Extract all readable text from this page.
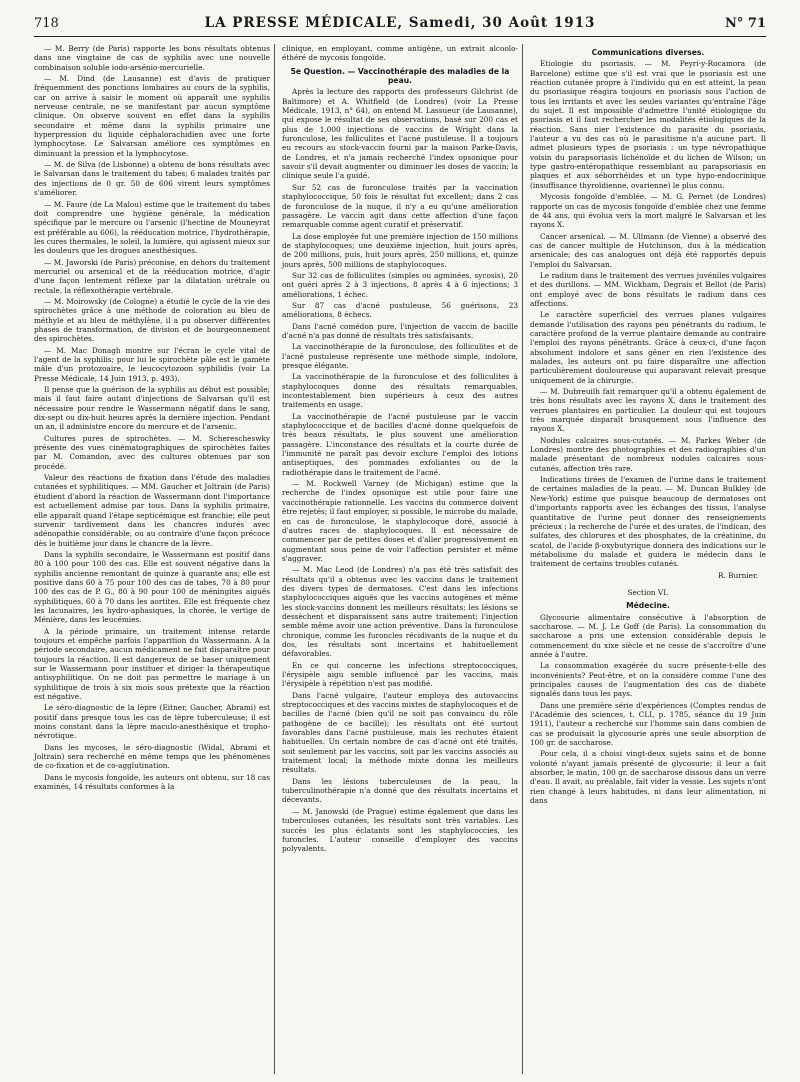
718	LA PRESSE MÉDICALE, Samedi, 30 Août 1913	N° 71

— M. Berry (de Paris) rapporte les bons résultats obtenus dans une vingtaine de cas de syphilis avec une nouvelle combinaison soluble iodo-arsénio-mercurielle.

— M. Dind (de Lausanne) est d'avis de pratiquer fréquemment des ponctions lombaires au cours de la syphilis, car on arrive à saisir le moment où apparaît une syphilis nerveuse centrale, ne se manifestant par aucun symptôme clinique. On observe souvent en effet dans la syphilis secondaire et même dans la syphilis primaire une hyperpression du liquide céphalorachidien avec une forte lymphocytose. Le Salvarsan améliore ces symptômes en diminuant la pression et la lymphocytose.

— M. de Silva (de Lisbonne) a obtenu de bons résultats avec le Salvarsan dans le traitement du tabes; 6 malades traités par des injections de 0 gr. 50 de 606 virent leurs symptômes s'améliorer.

— M. Faure (de La Malou) estime que le traitement du tabes doit comprendre une hygiène générale, la médication spécifique par le mercure ou l'arsenic (l'hectine de Mouneyrat est préférable au 606), la rééducation motrice, l'hydrothérapie, les cures thermales, le soleil, la lumière, qui agissent mieux sur les douleurs que les drogues anesthésiques.

— M. Jaworski (de Paris) préconise, en dehors du traitement mercuriel ou arsenical et de la rééducation motrice, d'agir d'une façon lentement réflexe par la dilatation urétrale ou rectale, la réflexothérapie vertébrale.

— M. Moirowsky (de Cologne) a étudié le cycle de la vie des spirochètes grâce à une méthode de coloration au bleu de méthyle et au bleu de méthylène, il a pu observer différentes phases de transformation, de division et de bourgeonnement des spirochètes.

— M. Mac Donagh montre sur l'écran le cycle vital de l'agent de la syphilis; pour lui le spirochète pâle est le gamète mâle d'un protozoaire, le leucocytozoon syphilidis (voir La Presse Médicale, 14 Juin 1913, p. 493).

Il pense que la guérison de la syphilis au début est possible; mais il faut faire autant d'injections de Salvarsan qu'il est nécessaire pour rendre le Wassermann négatif dans le sang, dix-sept ou dix-huit heures après la dernière injection. Pendant un an, il administre encore du mercure et de l'arsenic.

Cultures pures de spirochètes. — M. Scherescheswky présente des vues cinématographiques de spirochètes faites par M. Comandon, avec des cultures obtenues par son procédé.

Valeur des réactions de fixation dans l'étude des maladies cutanées et syphilitiques. — MM. Gaucher et Joltrain (de Paris) étudient d'abord la réaction de Wassermann dont l'importance est actuellement admise par tous. Dans la syphilis primaire, elle apparaît quand l'étape septicémique est franchie; elle peut survenir tardivement dans les chancres indurés avec adénopathie considérable, ou au contraire d'une façon précoce dès le huitième jour dans le chancre de la lèvre.

Dans la syphilis secondaire, le Wassermann est positif dans 80 à 100 pour 100 des cas. Elle est souvent négative dans la syphilis ancienne remontant de quinze à quarante ans; elle est positive dans 60 à 75 pour 100 des cas de tabes, 70 à 80 pour 100 des cas de P. G., 80 à 90 pour 100 de méningites aiguës syphilitiques, 60 à 70 dans les aortites. Elle est fréquente chez les lacunaires, les hydro-aphasiques, la chorée, le vertige de Ménière, dans les leucémies.

A la période primaire, un traitement intense retarde toujours et empêche parfois l'apparition du Wassermann. A la période secondaire, aucun médicament ne fait disparaître pour toujours la réaction. Il est dangereux de se baser uniquement sur le Wassermann pour instituer et diriger la thérapeutique antisyphilitique. On ne doit pas permettre le mariage à un syphilitique de trois à six mois sous prétexte que la réaction est négative.

Le séro-diagnostic de la lèpre (Eitner, Gaucher, Abrami) est positif dans presque tous les cas de lèpre tuberculeuse; il est moins constant dans la lèpre maculo-anesthésique et tropho-névrotique.

Dans les mycoses, le séro-diagnostic (Widal, Abrami et Joltrain) sera recherché en même temps que les phénomènes de co-fixation et de co-agglutination.

Dans le mycosis fongoïde, les auteurs ont obtenu, sur 18 cas examinés, 14 résultats conformes à la

clinique, en employant, comme antigène, un extrait alcoolo-éthéré de mycosis fongoïde.

5e Question. — Vaccinothérapie des maladies de la peau.

Après la lecture des rapports des professeurs Gilchrist (de Baltimore) et A. Whitfield (de Londres) (voir La Presse Médicale, 1913, n° 64), on entend M. Lassueur (de Lausanne), qui expose le résultat de ses observations, basé sur 200 cas et plus de 1.000 injections de vaccins de Wright dans la furonculose, les folliculites et l'acné pustuleuse. Il a toujours eu recours au stock-vaccin fourni par la maison Parke-Davis, de Londres, et n'a jamais recherché l'index opsonique pour savoir s'il devait augmenter ou diminuer les doses de vaccin; la clinique seule l'a guidé.

Sur 52 cas de furonculose traités par la vaccination staphylococcique, 50 fois le résultat fut excellent; dans 2 cas de furonculose de la nuque, il n'y a eu qu'une amélioration passagère. Le vaccin agit dans cette affection d'une façon remarquable comme agent curatif et préservatif.

La dose employée fut une première injection de 150 millions de staphylocoques; une deuxième injection, huit jours après, de 200 millions, puis, huit jours après, 250 millions, et, quinze jours après, 500 millions de staphylocoques.

Sur 32 cas de folliculites (simples ou agminées, sycosis), 20 ont guéri après 2 à 3 injections, 8 après 4 à 6 injections; 3 améliorations, 1 échec.

Sur 87 cas d'acné pustuleuse, 56 guérisons, 23 améliorations, 8 échecs.

Dans l'acné comédon pure, l'injection de vaccin de bacille d'acné n'a pas donné de résultats très satisfaisants.

La vaccinothérapie de la furonculose, des folliculites et de l'acné pustuleuse représente une méthode simple, indolore, presque élégante.

La vaccinothérapie de la furonculose et des folliculites à staphylocoques donne des résultats remarquables, incontestablement bien supérieurs à ceux des autres traitements en usage.

La vaccinothérapie de l'acné pustuleuse par le vaccin staphylococcique et de bacilles d'acné donne quelquefois de très beaux résultats, le plus souvent une amélioration passagère. L'inconstance des résultats et la courte durée de l'immunité ne paraît pas devoir exclure l'emploi des lotions antiseptiques, des pommades exfoliantes ou de la radiothérapie dans le traitement de l'acné.

— M. Rockwell Varney (de Michigan) estime que la recherche de l'index opsonique est utile pour faire une vaccinothérapie rationnelle. Les vaccins du commerce doivent être rejetés; il faut employer, si possible, le microbe du malade, en cas de furonculose, le staphylocoque doré, associé à d'autres races de staphylocoques. Il est nécessaire de commencer par de petites doses et d'aller progressivement en augmentant sous peine de voir l'affection persister et même s'aggraver.

— M. Mac Leod (de Londres) n'a pas été très satisfait des résultats qu'il a obtenus avec les vaccins dans le traitement des divers types de dermatoses. C'est dans les infections staphylococciques aiguës que les vaccins autogènes et même les stock-vaccins donnent les meilleurs résultats; les lésions se dessèchent et disparaissent sans autre traitement; l'injection semble même avoir une action préventive. Dans la furonculose chronique, comme les furoncles récidivants de la nuque et du dos, les résultats sont incertains et habituellement défavorables.

En ce qui concerne les infections streptococciques, l'érysipèle aigu semble influencé par les vaccins, mais l'érysipèle à répétition n'est pas modifié.

Dans l'acné vulgaire, l'auteur employa des autovaccins streptococciques et des vaccins mixtes de staphylocoques et de bacilles de l'acné (bien qu'il ne soit pas convaincu du rôle pathogène de ce bacille); les résultats ont été surtout favorables dans l'acné pustuleuse, mais les rechutes étaient habituelles. Un certain nombre de cas d'acné ont été traités, soit seulement par les vaccins, soit par les vaccins associés au traitement local; la méthode mixte donna les meilleurs résultats.

Dans les lésions tuberculeuses de la peau, la tuberculinothérapie n'a donné que des résultats incertains et décevants.

— M. Janowski (de Prague) estime également que dans les tuberculoses cutanées, les résultats sont très variables. Les succès les plus éclatants sont les staphylococcies, les furoncles. L'auteur conseille d'employer des vaccins polyvalents.

Communications diverses.

Etiologie du psoriasis. — M. Peyri-y-Rocamora (de Barcelone) estime que s'il est vrai que le psoriasis est une réaction cutanée propre à l'individu qui en est atteint, la peau du psoriasique réagira toujours en psoriasis sous l'action de tous les irritants et avec les seules variantes qu'entraîne l'âge du sujet. Il est impossible d'admettre l'unité étiologique du psoriasis et il faut rechercher les modalités étiologiques de la réaction. Sans nier l'existence du parasite du psoriasis, l'auteur a vu des cas où le parasitisme n'a aucune part. Il admet plusieurs types de psoriasis : un type névropathique voisin du parapsoriasis lichénoïde et du lichen de Wilson; un type gastro-entéropathique ressemblant au parapsoriasis en plaques et aux séborrhéides et un type hypo-endocrinique (insuffisance thyroïdienne, ovarienne) le plus connu.

Mycosis fongoïde d'emblée. — M. G. Pernet (de Londres) rapporte un cas de mycosis fongoïde d'emblée chez une femme de 44 ans, qui évolua vers la mort malgré le Salvarsan et les rayons X.

Cancer arsenical. — M. Ullmann (de Vienne) a observé des cas de cancer multiple de Hutchinson, dus à la médication arsenicale; des cas analogues ont déjà été rapportés depuis l'emploi du Salvarsan.

Le radium dans le traitement des verrues juvéniles vulgaires et des durillons. — MM. Wickham, Degrais et Bellot (de Paris) ont employé avec de bons résultats le radium dans ces affections.

Le caractère superficiel des verrues planes vulgaires demande l'utilisation des rayons peu pénétrants du radium, le caractère profond de la verrue plantaire demande au contraire l'emploi des rayons pénétrants. Grâce à ceux-ci, d'une façon absolument indolore et sans gêner en rien l'existence des malades, les auteurs ont pu faire disparaître une affection particulièrement douloureuse qui auparavant relevait presque uniquement de la chirurgie.

— M. Dubreuilh fait remarquer qu'il a obtenu également de très bons résultats avec les rayons X, dans le traitement des verrues plantaires en particulier. La douleur qui est toujours très marquée disparaît brusquement sous l'influence des rayons X.

Nodules calcaires sous-cutanés. — M. Parkes Weber (de Londres) montre des photographies et des radiographies d'un malade présentant de nombreux nodules calcaires sous-cutanés, affection très rare.

Indications tirées de l'examen de l'urine dans le traitement de certaines maladies de la peau. — M. Duncan Bulkley (de New-York) estime que puisque beaucoup de dermatoses ont d'importants rapports avec les échanges des tissus, l'analyse quantitative de l'urine peut donner des renseignements précieux ; la recherche de l'urée et des urates, de l'indican, des sulfates, des chlorures et des phosphates, de la créatinine, du scatol, de l'acide β-oxybutyrique donnera des indications sur le métabolisme du malade et guidera le médecin dans le traitement de certains troubles cutanés.

R. Burnier.

Section VI.

Médecine.

Glycosurie alimentaire consécutive à l'absorption de saccharose. — M. J. Le Goff (de Paris). La consommation du saccharose a pris une extension considérable depuis le commencement du xixe siècle et ne cesse de s'accroître d'une année à l'autre.

La consommation exagérée du sucre présente-t-elle des inconvénients? Peut-être, et on la considère comme l'une des principales causes de l'augmentation des cas de diabète signalés dans tous les pays.

Dans une première série d'expériences (Comptes rendus de l'Académie des sciences, t. CLI, p. 1785, séance du 19 Juin 1911), l'auteur a recherché sur l'homme sain dans combien de cas se produisait la glycosurie après une seule absorption de 100 gr. de saccharose.

Pour cela, il a choisi vingt-deux sujets sains et de bonne volonté n'ayant jamais présenté de glycosurie; il leur a fait absorber, le matin, 100 gr. de saccharose dissous dans un verre d'eau. Il avait, au préalable, fait vider la vessie. Les sujets n'ont rien changé à leurs habitudes, ni dans leur alimentation, ni dans
